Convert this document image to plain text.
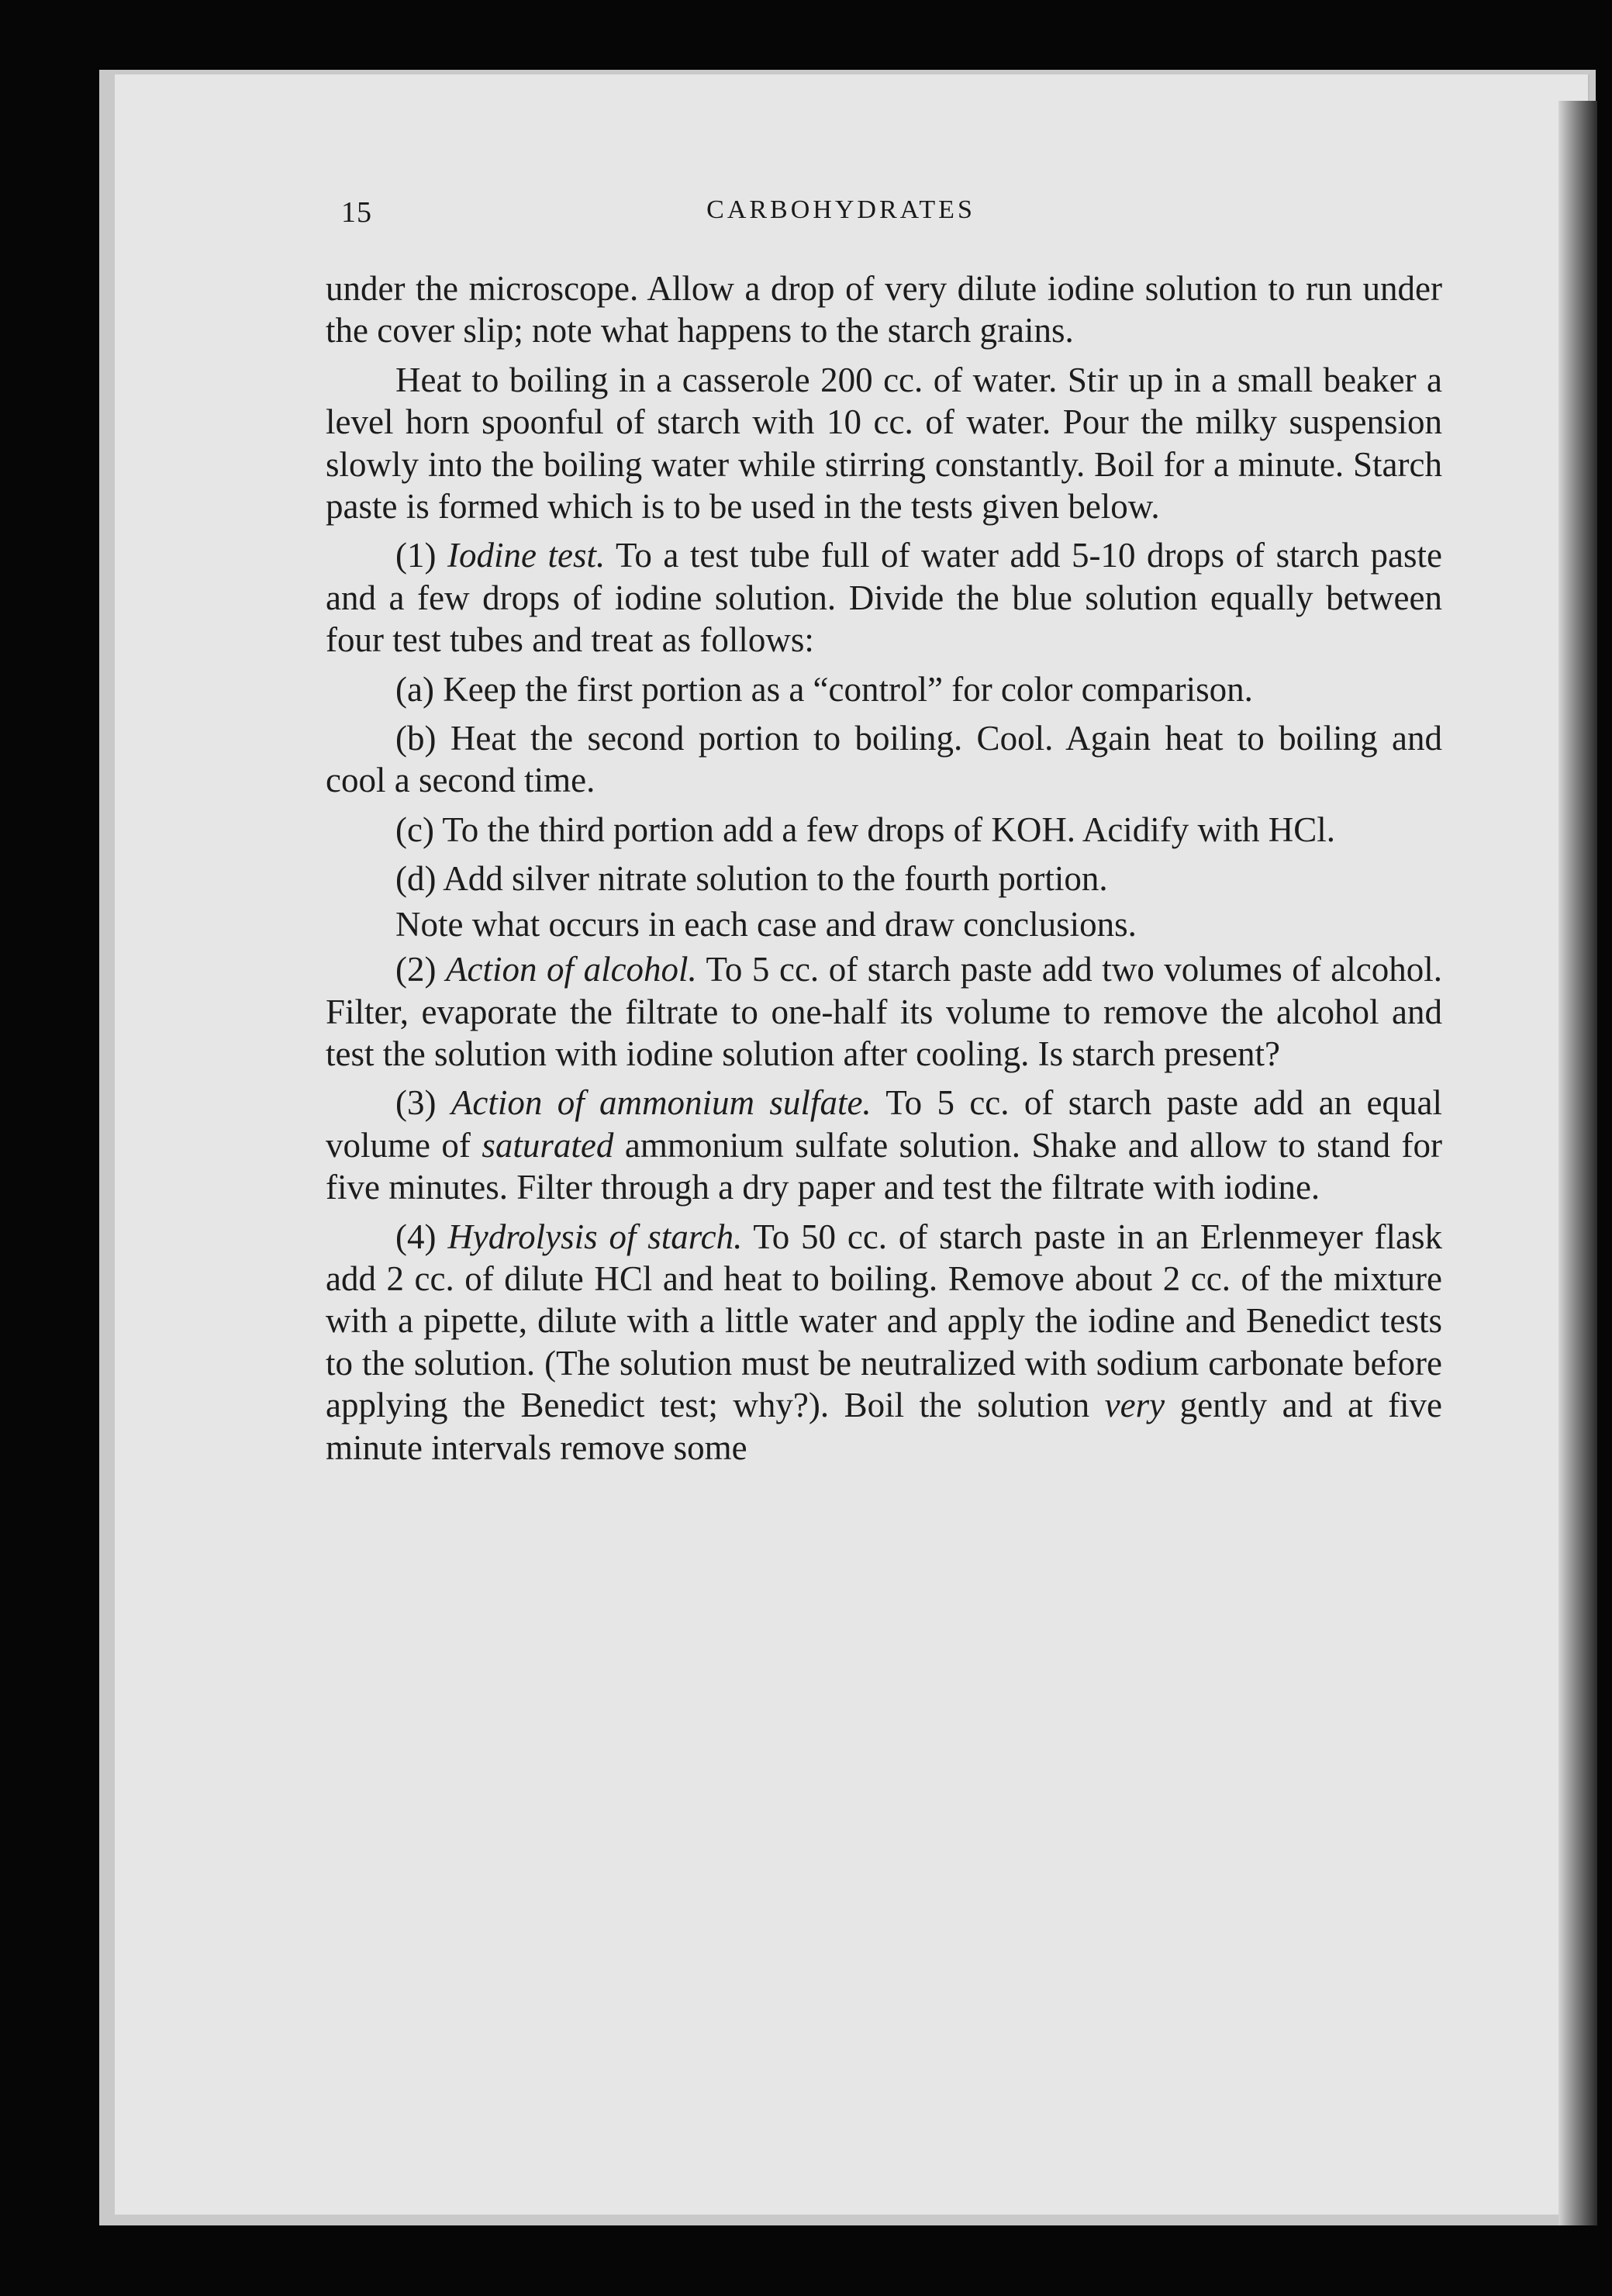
15	CARBOHYDRATES

under the microscope. Allow a drop of very dilute iodine solution to run under the cover slip; note what happens to the starch grains.

Heat to boiling in a casserole 200 cc. of water. Stir up in a small beaker a level horn spoonful of starch with 10 cc. of water. Pour the milky suspension slowly into the boiling water while stirring constantly. Boil for a minute. Starch paste is formed which is to be used in the tests given below.

(1) Iodine test. To a test tube full of water add 5-10 drops of starch paste and a few drops of iodine solution. Divide the blue solution equally between four test tubes and treat as follows:

(a) Keep the first portion as a “control” for color comparison.

(b) Heat the second portion to boiling. Cool. Again heat to boiling and cool a second time.

(c) To the third portion add a few drops of KOH. Acidify with HCl.

(d) Add silver nitrate solution to the fourth portion.

Note what occurs in each case and draw conclusions.

(2) Action of alcohol. To 5 cc. of starch paste add two volumes of alcohol. Filter, evaporate the filtrate to one-half its volume to remove the alcohol and test the solution with iodine solution after cooling. Is starch present?

(3) Action of ammonium sulfate. To 5 cc. of starch paste add an equal volume of saturated ammonium sulfate solution. Shake and allow to stand for five minutes. Filter through a dry paper and test the filtrate with iodine.

(4) Hydrolysis of starch. To 50 cc. of starch paste in an Erlenmeyer flask add 2 cc. of dilute HCl and heat to boiling. Remove about 2 cc. of the mixture with a pipette, dilute with a little water and apply the iodine and Benedict tests to the solution. (The solution must be neutralized with sodium carbonate before applying the Benedict test; why?). Boil the solution very gently and at five minute intervals remove some
